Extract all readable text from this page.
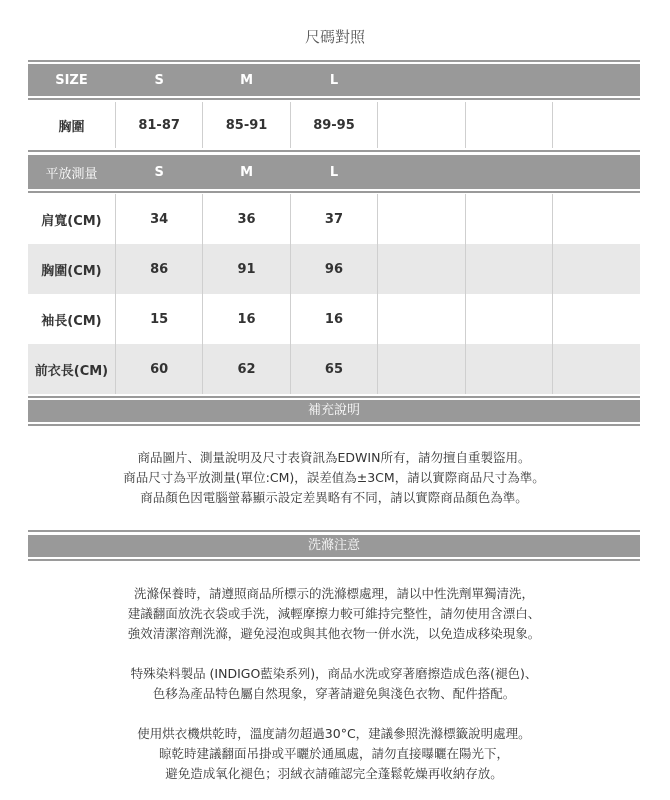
尺碼對照
SIZE	S	M	L			
胸圍	81-87	85-91	89-95			
平放測量	S	M	L			
肩寬(CM)	34	36	37			
胸圍(CM)	86	91	96			
袖長(CM)	15	16	16			
前衣長(CM)	60	62	65			
補充說明
商品圖片、測量說明及尺寸表資訊為EDWIN所有，請勿擅自重製盜用。
商品尺寸為平放測量(單位:CM)，誤差值為±3CM，請以實際商品尺寸為準。
商品顏色因電腦螢幕顯示設定差異略有不同，請以實際商品顏色為準。
洗滌注意
洗滌保養時，請遵照商品所標示的洗滌標處理，請以中性洗劑單獨清洗，
建議翻面放洗衣袋或手洗，減輕摩擦力較可維持完整性，請勿使用含漂白、
強效清潔溶劑洗滌，避免浸泡或與其他衣物一併水洗，以免造成移染現象。
特殊染料製品 (INDIGO藍染系列)，商品水洗或穿著磨擦造成色落(褪色)、
色移為產品特色屬自然現象，穿著請避免與淺色衣物、配件搭配。
使用烘衣機烘乾時，溫度請勿超過30°C，建議參照洗滌標籤說明處理。
晾乾時建議翻面吊掛或平曬於通風處，請勿直接曝曬在陽光下，
避免造成氧化褪色；羽絨衣請確認完全蓬鬆乾燥再收納存放。
